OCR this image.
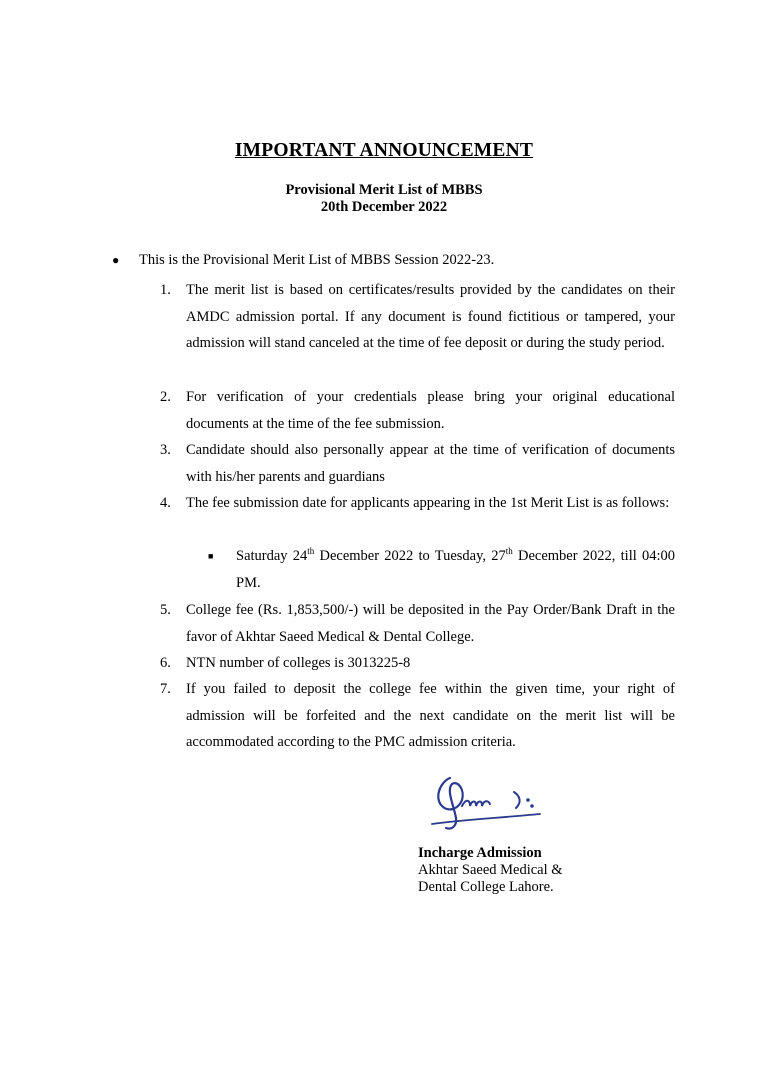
IMPORTANT ANNOUNCEMENT
Provisional Merit List of MBBS
20th December 2022
● This is the Provisional Merit List of MBBS Session 2022-23.
1.	The merit list is based on certificates/results provided by the candidates on their AMDC admission portal. If any document is found fictitious or tampered, your admission will stand canceled at the time of fee deposit or during the study period.
2.	For verification of your credentials please bring your original educational documents at the time of the fee submission.
3.	Candidate should also personally appear at the time of verification of documents with his/her parents and guardians
4.	The fee submission date for applicants appearing in the 1st Merit List is as follows:
■ Saturday 24th December 2022 to Tuesday, 27th December 2022, till 04:00 PM.
5.	College fee (Rs. 1,853,500/-) will be deposited in the Pay Order/Bank Draft in the favor of Akhtar Saeed Medical & Dental College.
6.	NTN number of colleges is 3013225-8
7.	If you failed to deposit the college fee within the given time, your right of admission will be forfeited and the next candidate on the merit list will be accommodated according to the PMC admission criteria.
Incharge Admission
Akhtar Saeed Medical &
Dental College Lahore.
